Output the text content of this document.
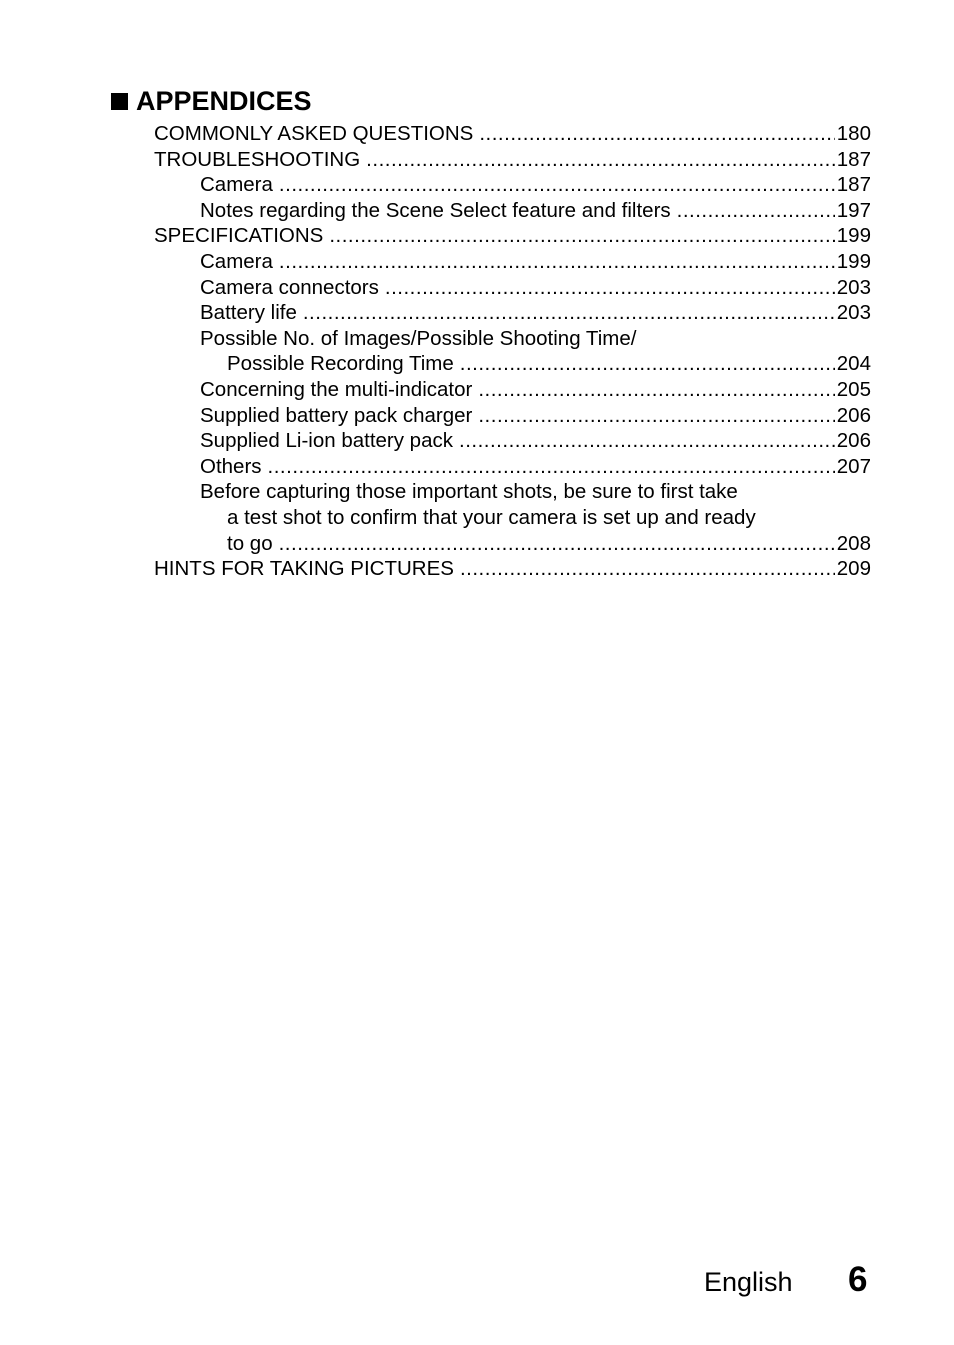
APPENDICES
COMMONLY ASKED QUESTIONS .....	180
TROUBLESHOOTING .....	187
Camera .....	187
Notes regarding the Scene Select feature and filters .....	197
SPECIFICATIONS .....	199
Camera .....	199
Camera connectors .....	203
Battery life .....	203
Possible No. of Images/Possible Shooting Time/
Possible Recording Time .....	204
Concerning the multi-indicator .....	205
Supplied battery pack charger .....	206
Supplied Li-ion battery pack .....	206
Others .....	207
Before capturing those important shots, be sure to first take
a test shot to confirm that your camera is set up and ready
to go .....	208
HINTS FOR TAKING PICTURES .....	209
English 6
